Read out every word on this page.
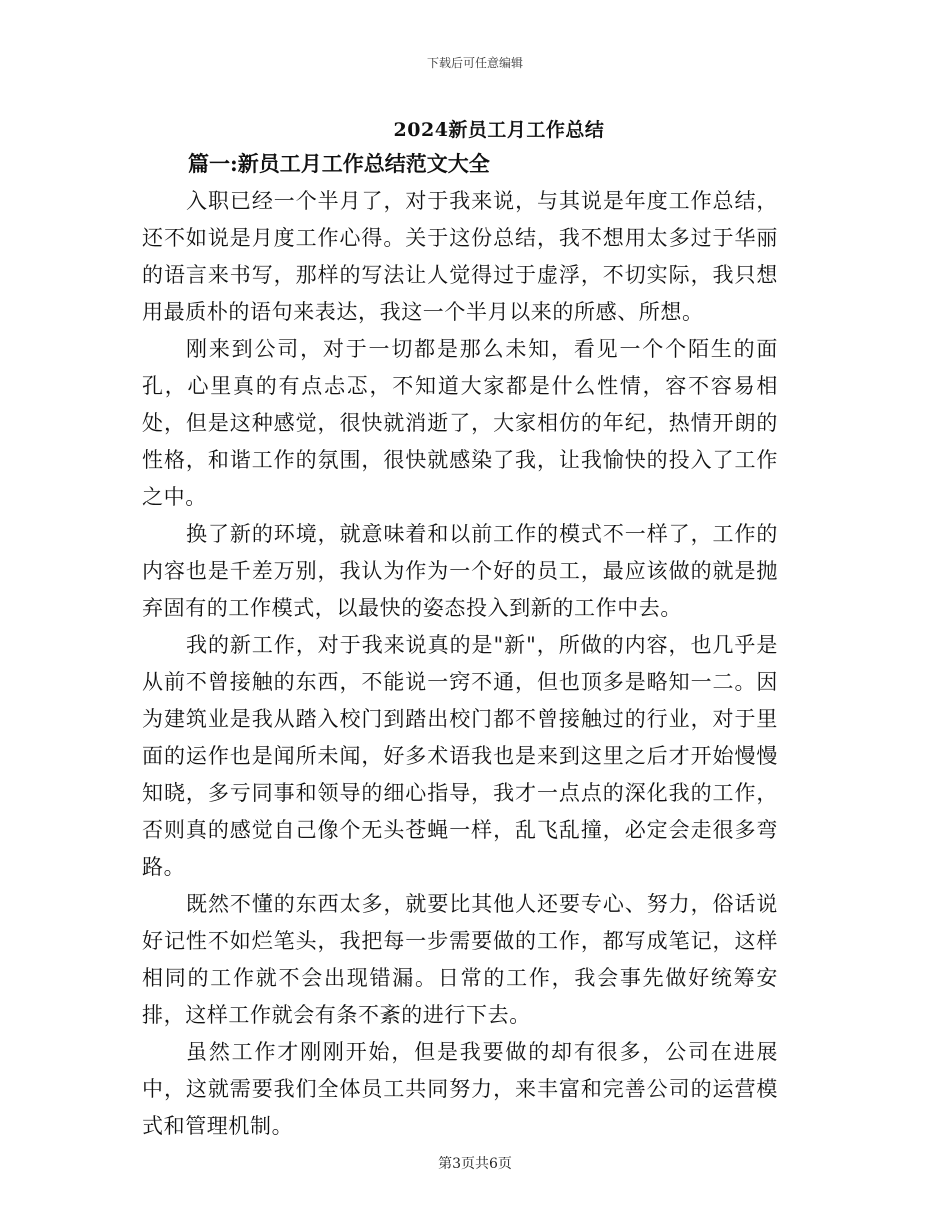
下载后可任意编辑
2024新员工月工作总结
篇一:新员工月工作总结范文大全

入职已经一个半月了，对于我来说，与其说是年度工作总结，还不如说是月度工作心得。关于这份总结，我不想用太多过于华丽的语言来书写，那样的写法让人觉得过于虚浮，不切实际，我只想用最质朴的语句来表达，我这一个半月以来的所感、所想。

刚来到公司，对于一切都是那么未知，看见一个个陌生的面孔，心里真的有点忐忑，不知道大家都是什么性情，容不容易相处，但是这种感觉，很快就消逝了，大家相仿的年纪，热情开朗的性格，和谐工作的氛围，很快就感染了我，让我愉快的投入了工作之中。

换了新的环境，就意味着和以前工作的模式不一样了，工作的内容也是千差万别，我认为作为一个好的员工，最应该做的就是抛弃固有的工作模式，以最快的姿态投入到新的工作中去。

我的新工作，对于我来说真的是"新"，所做的内容，也几乎是从前不曾接触的东西，不能说一窍不通，但也顶多是略知一二。因为建筑业是我从踏入校门到踏出校门都不曾接触过的行业，对于里面的运作也是闻所未闻，好多术语我也是来到这里之后才开始慢慢知晓，多亏同事和领导的细心指导，我才一点点的深化我的工作，否则真的感觉自己像个无头苍蝇一样，乱飞乱撞，必定会走很多弯路。

既然不懂的东西太多，就要比其他人还要专心、努力，俗话说好记性不如烂笔头，我把每一步需要做的工作，都写成笔记，这样相同的工作就不会出现错漏。日常的工作，我会事先做好统筹安排，这样工作就会有条不紊的进行下去。

虽然工作才刚刚开始，但是我要做的却有很多，公司在进展中，这就需要我们全体员工共同努力，来丰富和完善公司的运营模式和管理机制。

第3页共6页
